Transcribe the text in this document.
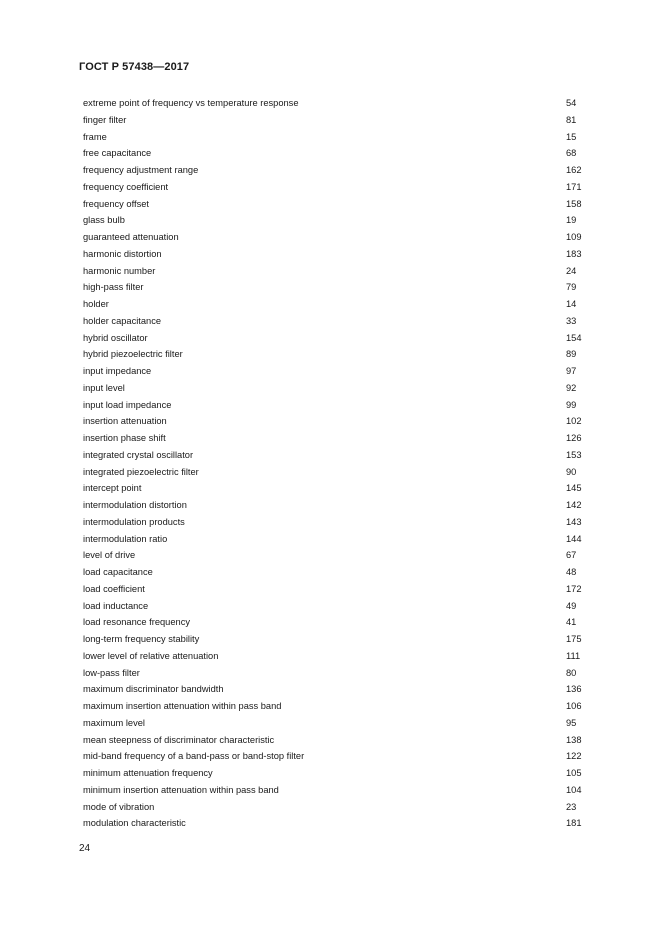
ГОСТ Р 57438—2017
extreme point of frequency vs temperature response	54
finger filter	81
frame	15
free capacitance	68
frequency adjustment range	162
frequency coefficient	171
frequency offset	158
glass bulb	19
guaranteed attenuation	109
harmonic distortion	183
harmonic number	24
high-pass filter	79
holder	14
holder capacitance	33
hybrid oscillator	154
hybrid piezoelectric filter	89
input impedance	97
input level	92
input load impedance	99
insertion attenuation	102
insertion phase shift	126
integrated crystal oscillator	153
integrated piezoelectric filter	90
intercept point	145
intermodulation distortion	142
intermodulation products	143
intermodulation ratio	144
level of drive	67
load capacitance	48
load coefficient	172
load inductance	49
load resonance frequency	41
long-term frequency stability	175
lower level of relative attenuation	111
low-pass filter	80
maximum discriminator bandwidth	136
maximum insertion attenuation within pass band	106
maximum level	95
mean steepness of discriminator characteristic	138
mid-band frequency of a band-pass or band-stop filter	122
minimum attenuation frequency	105
minimum insertion attenuation within pass band	104
mode of vibration	23
modulation characteristic	181
24
